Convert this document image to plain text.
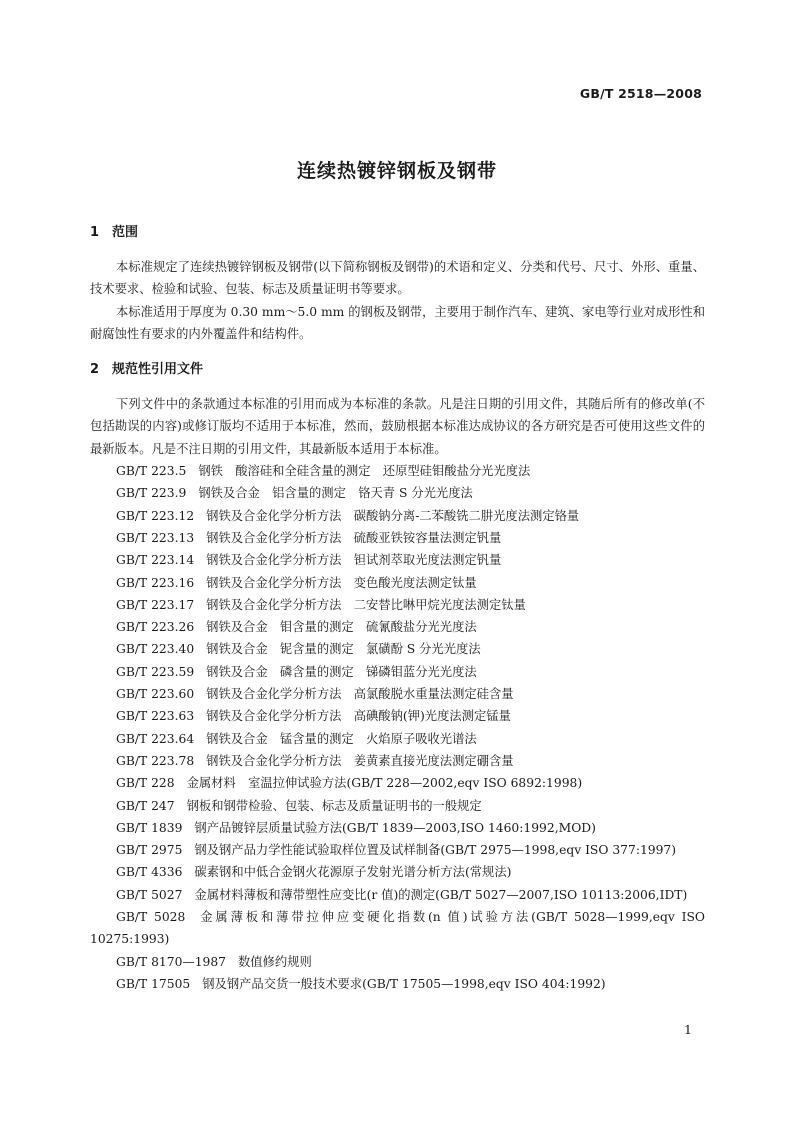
GB/T 2518—2008
连续热镀锌钢板及钢带
1 范围

本标准规定了连续热镀锌钢板及钢带(以下简称钢板及钢带)的术语和定义、分类和代号、尺寸、外形、重量、技术要求、检验和试验、包装、标志及质量证明书等要求。

本标准适用于厚度为 0.30 mm～5.0 mm 的钢板及钢带，主要用于制作汽车、建筑、家电等行业对成形性和耐腐蚀性有要求的内外覆盖件和结构件。

2 规范性引用文件

下列文件中的条款通过本标准的引用而成为本标准的条款。凡是注日期的引用文件，其随后所有的修改单(不包括勘误的内容)或修订版均不适用于本标准，然而，鼓励根据本标准达成协议的各方研究是否可使用这些文件的最新版本。凡是不注日期的引用文件，其最新版本适用于本标准。

GB/T 223.5 钢铁　酸溶硅和全硅含量的测定　还原型硅钼酸盐分光光度法
GB/T 223.9 钢铁及合金　铝含量的测定　铬天青 S 分光光度法
GB/T 223.12 钢铁及合金化学分析方法　碳酸钠分离-二苯酸铣二肼光度法测定铬量
GB/T 223.13 钢铁及合金化学分析方法　硫酸亚铁铵容量法测定钒量
GB/T 223.14 钢铁及合金化学分析方法　钽试剂萃取光度法测定钒量
GB/T 223.16 钢铁及合金化学分析方法　变色酸光度法测定钛量
GB/T 223.17 钢铁及合金化学分析方法　二安替比啉甲烷光度法测定钛量
GB/T 223.26 钢铁及合金　钼含量的测定　硫氰酸盐分光光度法
GB/T 223.40 钢铁及合金　铌含量的测定　氯磺酚 S 分光光度法
GB/T 223.59 钢铁及合金　磷含量的测定　锑磷钼蓝分光光度法
GB/T 223.60 钢铁及合金化学分析方法　高氯酸脱水重量法测定硅含量
GB/T 223.63 钢铁及合金化学分析方法　高碘酸钠(钾)光度法测定锰量
GB/T 223.64 钢铁及合金　锰含量的测定　火焰原子吸收光谱法
GB/T 223.78 钢铁及合金化学分析方法　姜黄素直接光度法测定硼含量
GB/T 228 金属材料　室温拉伸试验方法(GB/T 228—2002,eqv ISO 6892:1998)
GB/T 247 钢板和钢带检验、包装、标志及质量证明书的一般规定
GB/T 1839 钢产品镀锌层质量试验方法(GB/T 1839—2003,ISO 1460:1992,MOD)
GB/T 2975 钢及钢产品力学性能试验取样位置及试样制备(GB/T 2975—1998,eqv ISO 377:1997)
GB/T 4336 碳素钢和中低合金钢火花源原子发射光谱分析方法(常规法)
GB/T 5027 金属材料薄板和薄带塑性应变比(r 值)的测定(GB/T 5027—2007,ISO 10113:2006,IDT)
GB/T 5028 金属薄板和薄带拉伸应变硬化指数(n 值)试验方法(GB/T 5028—1999,eqv ISO 10275:1993)
GB/T 8170—1987 数值修约规则
GB/T 17505 钢及钢产品交货一般技术要求(GB/T 17505—1998,eqv ISO 404:1992)
1
